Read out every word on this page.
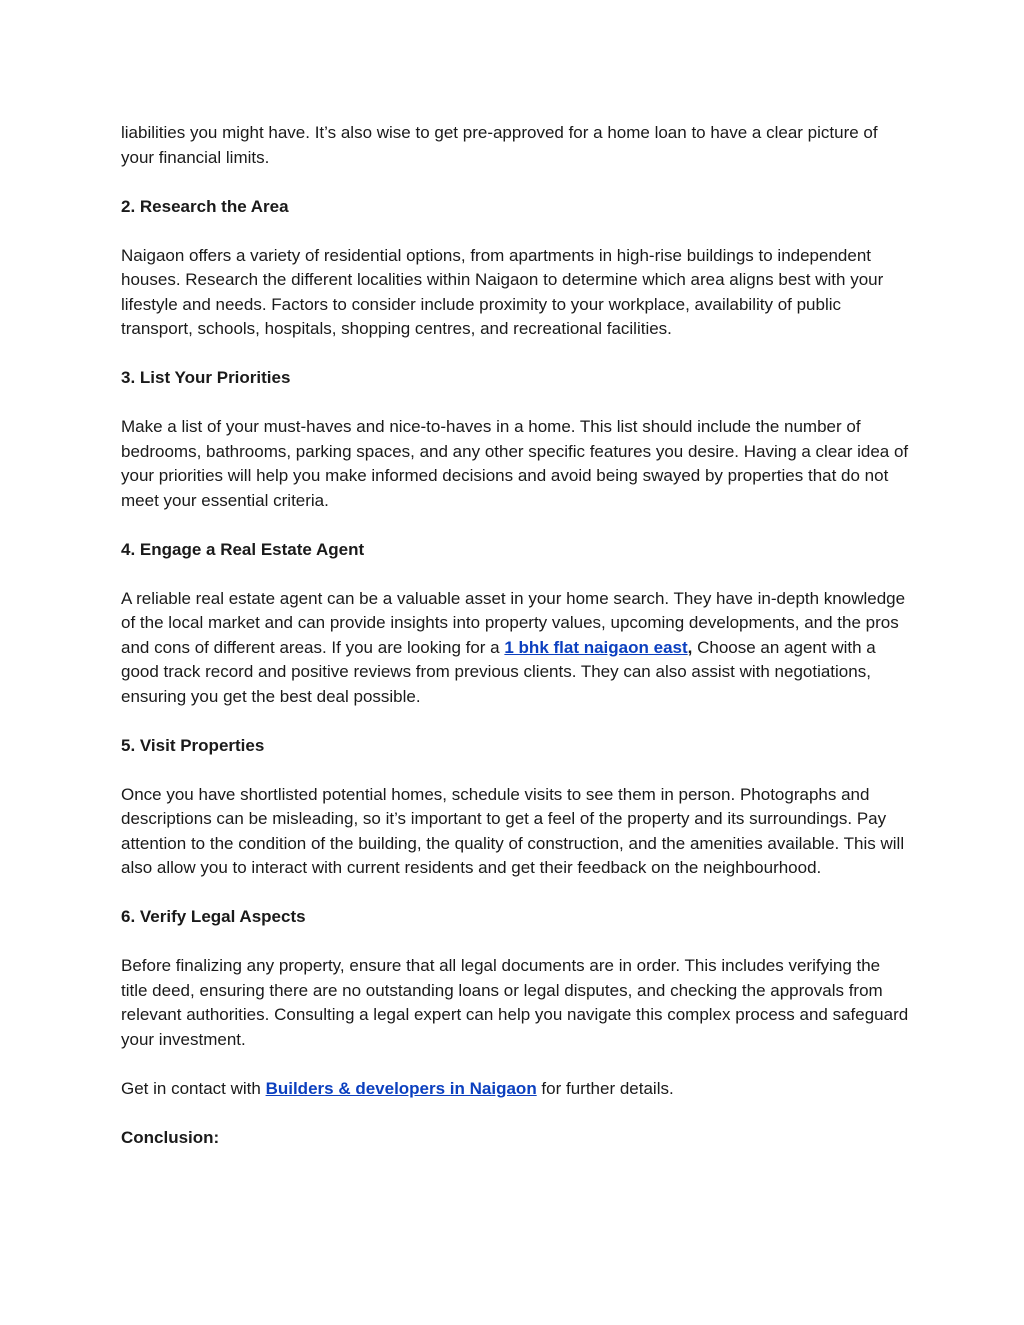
liabilities you might have. It’s also wise to get pre-approved for a home loan to have a clear picture of your financial limits.

2. Research the Area

Naigaon offers a variety of residential options, from apartments in high-rise buildings to independent houses. Research the different localities within Naigaon to determine which area aligns best with your lifestyle and needs. Factors to consider include proximity to your workplace, availability of public transport, schools, hospitals, shopping centres, and recreational facilities.

3. List Your Priorities

Make a list of your must-haves and nice-to-haves in a home. This list should include the number of bedrooms, bathrooms, parking spaces, and any other specific features you desire. Having a clear idea of your priorities will help you make informed decisions and avoid being swayed by properties that do not meet your essential criteria.

4. Engage a Real Estate Agent

A reliable real estate agent can be a valuable asset in your home search. They have in-depth knowledge of the local market and can provide insights into property values, upcoming developments, and the pros and cons of different areas. If you are looking for a 1 bhk flat naigaon east, Choose an agent with a good track record and positive reviews from previous clients. They can also assist with negotiations, ensuring you get the best deal possible.

5. Visit Properties

Once you have shortlisted potential homes, schedule visits to see them in person. Photographs and descriptions can be misleading, so it’s important to get a feel of the property and its surroundings. Pay attention to the condition of the building, the quality of construction, and the amenities available. This will also allow you to interact with current residents and get their feedback on the neighbourhood.

6. Verify Legal Aspects

Before finalizing any property, ensure that all legal documents are in order. This includes verifying the title deed, ensuring there are no outstanding loans or legal disputes, and checking the approvals from relevant authorities. Consulting a legal expert can help you navigate this complex process and safeguard your investment.

Get in contact with Builders & developers in Naigaon for further details.

Conclusion:
